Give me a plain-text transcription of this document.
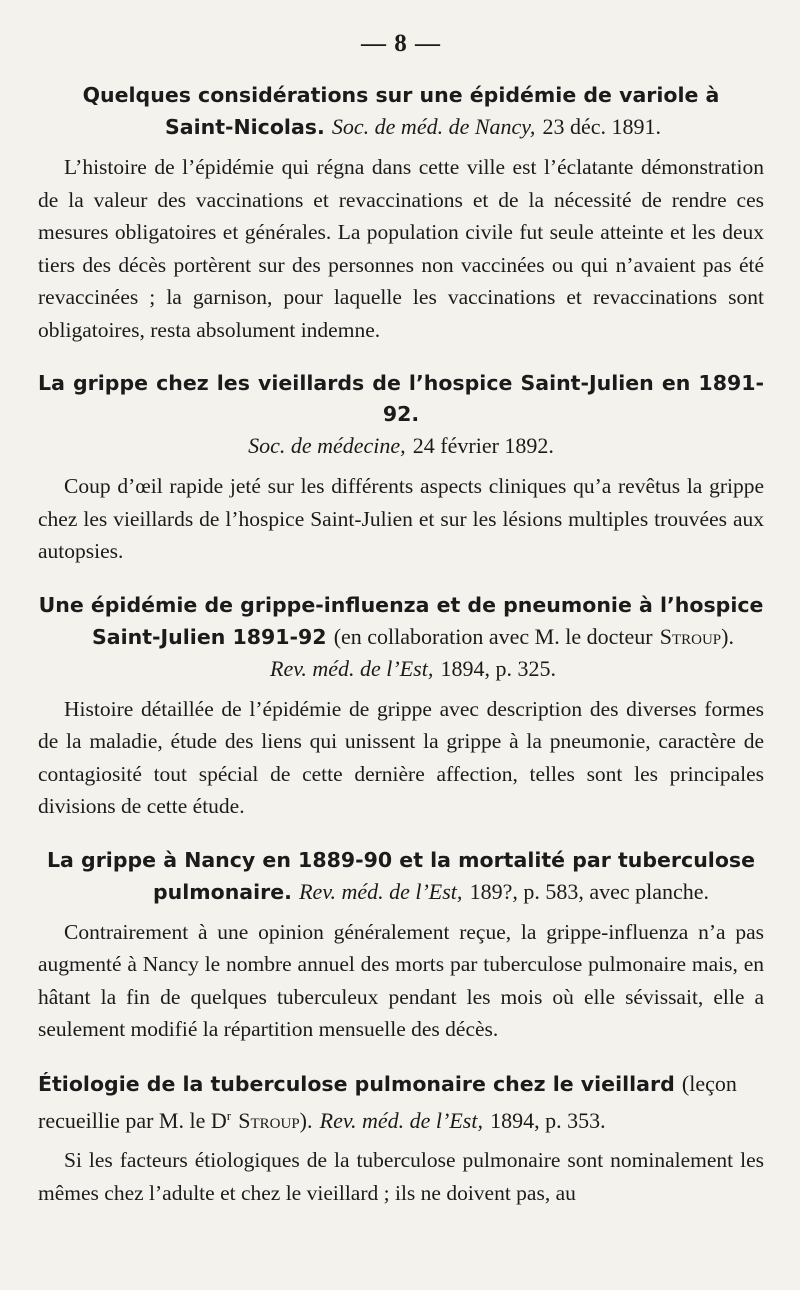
— 8 —
Quelques considérations sur une épidémie de variole à
Saint-Nicolas. Soc. de méd. de Nancy, 23 déc. 1891.

L’histoire de l’épidémie qui régna dans cette ville est l’éclatante démonstration de la valeur des vaccinations et revaccinations et de la nécessité de rendre ces mesures obligatoires et générales. La population civile fut seule atteinte et les deux tiers des décès portèrent sur des personnes non vaccinées ou qui n’avaient pas été revaccinées ; la garnison, pour laquelle les vaccinations et revaccinations sont obligatoires, resta absolument indemne.

La grippe chez les vieillards de l’hospice Saint-Julien en 1891-92.
Soc. de médecine, 24 février 1892.

Coup d’œil rapide jeté sur les différents aspects cliniques qu’a revêtus la grippe chez les vieillards de l’hospice Saint-Julien et sur les lésions multiples trouvées aux autopsies.

Une épidémie de grippe-influenza et de pneumonie à l’hospice
Saint-Julien 1891-92 (en collaboration avec M. le docteur Stroup).
Rev. méd. de l’Est, 1894, p. 325.

Histoire détaillée de l’épidémie de grippe avec description des diverses formes de la maladie, étude des liens qui unissent la grippe à la pneumonie, caractère de contagiosité tout spécial de cette dernière affection, telles sont les principales divisions de cette étude.

La grippe à Nancy en 1889-90 et la mortalité par tuberculose
pulmonaire. Rev. méd. de l’Est, 189?, p. 583, avec planche.

Contrairement à une opinion généralement reçue, la grippe-influenza n’a pas augmenté à Nancy le nombre annuel des morts par tuberculose pulmonaire mais, en hâtant la fin de quelques tuberculeux pendant les mois où elle sévissait, elle a seulement modifié la répartition mensuelle des décès.

Étiologie de la tuberculose pulmonaire chez le vieillard (leçon recueillie par M. le $D^r$ Stroup). Rev. méd. de l’Est, 1894, p. 353.

Si les facteurs étiologiques de la tuberculose pulmonaire sont nominalement les mêmes chez l’adulte et chez le vieillard ; ils ne doivent pas, au
